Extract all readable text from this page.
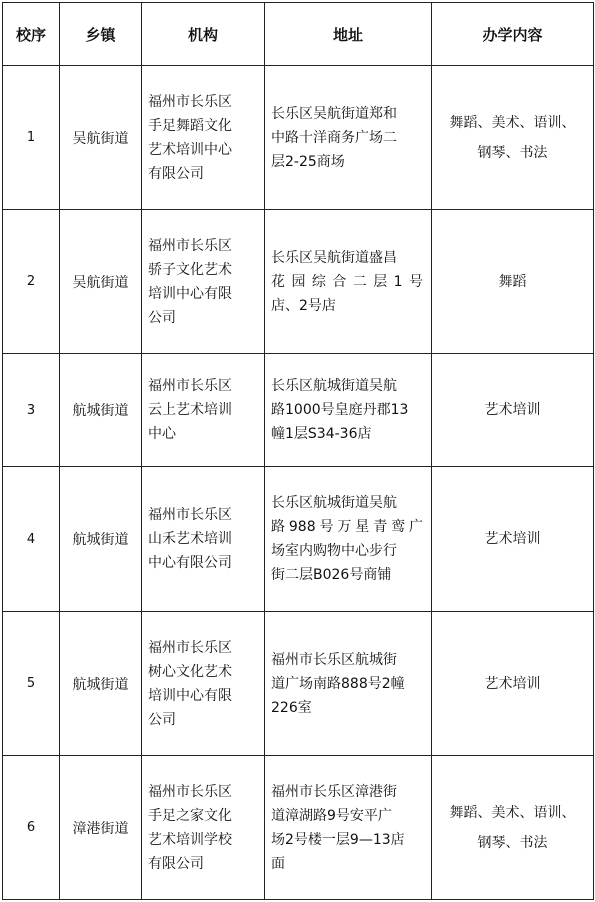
校序	乡镇	机构	地址	办学内容
1	吴航街道	福州市长乐区
手足舞蹈文化
艺术培训中心
有限公司	长乐区吴航街道郑和
中路十洋商务广场二
层2-25商场	舞蹈、美术、语训、
钢琴、书法

2	吴航街道	福州市长乐区
骄子文化艺术
培训中心有限
公司	长乐区吴航街道盛昌
花园综合二层1号
店、2号店	舞蹈

3	航城街道	福州市长乐区
云上艺术培训
中心	长乐区航城街道吴航
路1000号皇庭丹郡13
幢1层S34-36店	艺术培训

4	航城街道	福州市长乐区
山禾艺术培训
中心有限公司	长乐区航城街道吴航
路988号万星青鸾广
场室内购物中心步行
街二层B026号商铺	艺术培训

5	航城街道	福州市长乐区
树心文化艺术
培训中心有限
公司	福州市长乐区航城街
道广场南路888号2幢
226室	艺术培训

6	漳港街道	福州市长乐区
手足之家文化
艺术培训学校
有限公司	福州市长乐区漳港街
道漳湖路9号安平广
场2号楼一层9—13店
面	舞蹈、美术、语训、
钢琴、书法
